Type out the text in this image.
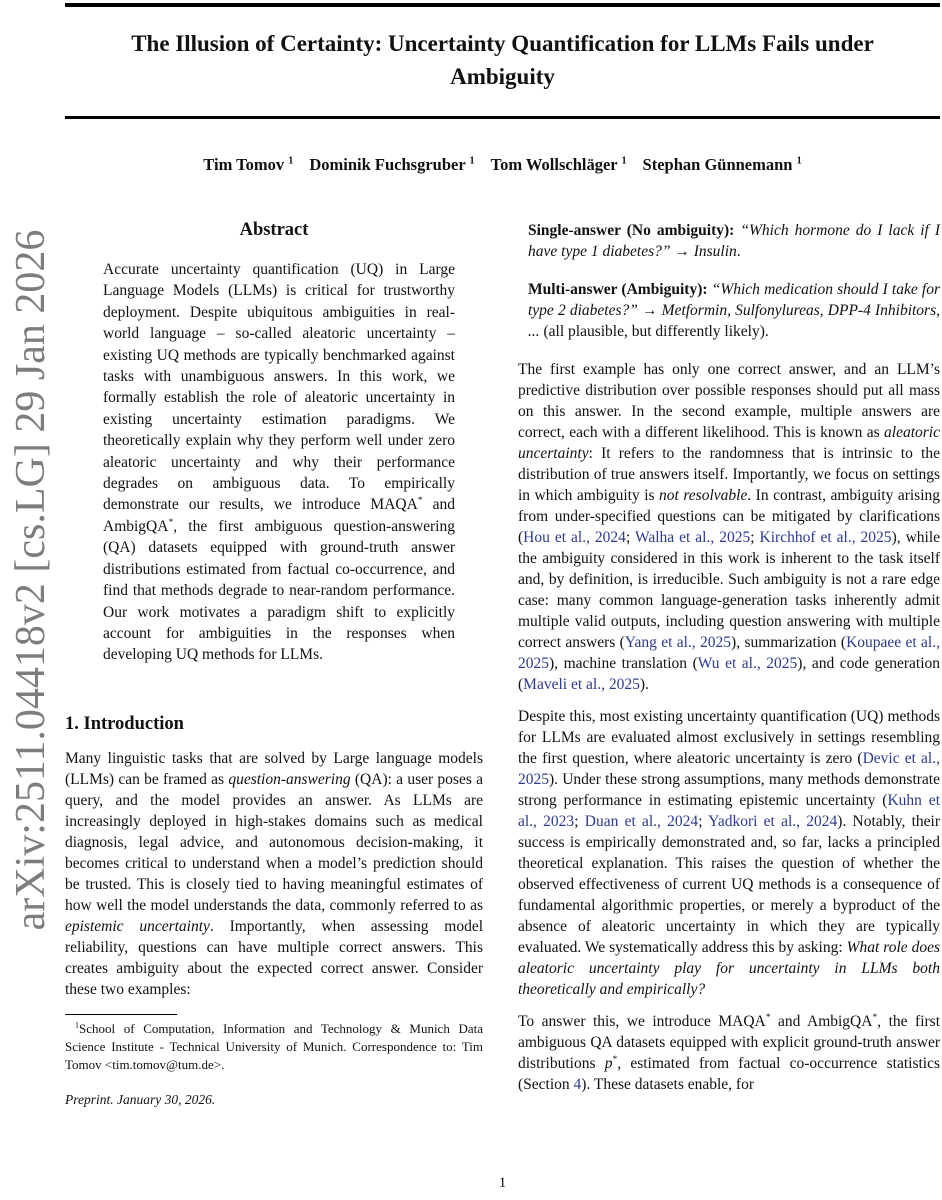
arXiv:2511.04418v2 [cs.LG] 29 Jan 2026
The Illusion of Certainty: Uncertainty Quantification for LLMs Fails under Ambiguity
Tim Tomov $^1$ Dominik Fuchsgruber $^1$ Tom Wollschläger $^1$ Stephan Günnemann $^1$
Abstract

Accurate uncertainty quantification (UQ) in Large Language Models (LLMs) is critical for trustworthy deployment. Despite ubiquitous ambiguities in real-world language – so-called aleatoric uncertainty – existing UQ methods are typically benchmarked against tasks with unambiguous answers. In this work, we formally establish the role of aleatoric uncertainty in existing uncertainty estimation paradigms. We theoretically explain why they perform well under zero aleatoric uncertainty and why their performance degrades on ambiguous data. To empirically demonstrate our results, we introduce MAQA* and AmbigQA*, the first ambiguous question-answering (QA) datasets equipped with ground-truth answer distributions estimated from factual co-occurrence, and find that methods degrade to near-random performance. Our work motivates a paradigm shift to explicitly account for ambiguities in the responses when developing UQ methods for LLMs.

1. Introduction

Many linguistic tasks that are solved by Large language models (LLMs) can be framed as question-answering (QA): a user poses a query, and the model provides an answer. As LLMs are increasingly deployed in high-stakes domains such as medical diagnosis, legal advice, and autonomous decision-making, it becomes critical to understand when a model’s prediction should be trusted. This is closely tied to having meaningful estimates of how well the model understands the data, commonly referred to as epistemic uncertainty. Importantly, when assessing model reliability, questions can have multiple correct answers. This creates ambiguity about the expected correct answer. Consider these two examples:

$^1$School of Computation, Information and Technology & Munich Data Science Institute - Technical University of Munich. Correspondence to: Tim Tomov <tim.tomov@tum.de>.

Preprint. January 30, 2026.

Single-answer (No ambiguity): “Which hormone do I lack if I have type 1 diabetes?” → Insulin.

Multi-answer (Ambiguity): “Which medication should I take for type 2 diabetes?” → Metformin, Sulfonylureas, DPP-4 Inhibitors, ... (all plausible, but differently likely).

The first example has only one correct answer, and an LLM’s predictive distribution over possible responses should put all mass on this answer. In the second example, multiple answers are correct, each with a different likelihood. This is known as aleatoric uncertainty: It refers to the randomness that is intrinsic to the distribution of true answers itself. Importantly, we focus on settings in which ambiguity is not resolvable. In contrast, ambiguity arising from under-specified questions can be mitigated by clarifications (Hou et al., 2024; Walha et al., 2025; Kirchhof et al., 2025), while the ambiguity considered in this work is inherent to the task itself and, by definition, is irreducible. Such ambiguity is not a rare edge case: many common language-generation tasks inherently admit multiple valid outputs, including question answering with multiple correct answers (Yang et al., 2025), summarization (Koupaee et al., 2025), machine translation (Wu et al., 2025), and code generation (Maveli et al., 2025).

Despite this, most existing uncertainty quantification (UQ) methods for LLMs are evaluated almost exclusively in settings resembling the first question, where aleatoric uncertainty is zero (Devic et al., 2025). Under these strong assumptions, many methods demonstrate strong performance in estimating epistemic uncertainty (Kuhn et al., 2023; Duan et al., 2024; Yadkori et al., 2024). Notably, their success is empirically demonstrated and, so far, lacks a principled theoretical explanation. This raises the question of whether the observed effectiveness of current UQ methods is a consequence of fundamental algorithmic properties, or merely a byproduct of the absence of aleatoric uncertainty in which they are typically evaluated. We systematically address this by asking: What role does aleatoric uncertainty play for uncertainty in LLMs both theoretically and empirically?

To answer this, we introduce MAQA* and AmbigQA*, the first ambiguous QA datasets equipped with explicit ground-truth answer distributions p*, estimated from factual co-occurrence statistics (Section 4). These datasets enable, for

1
